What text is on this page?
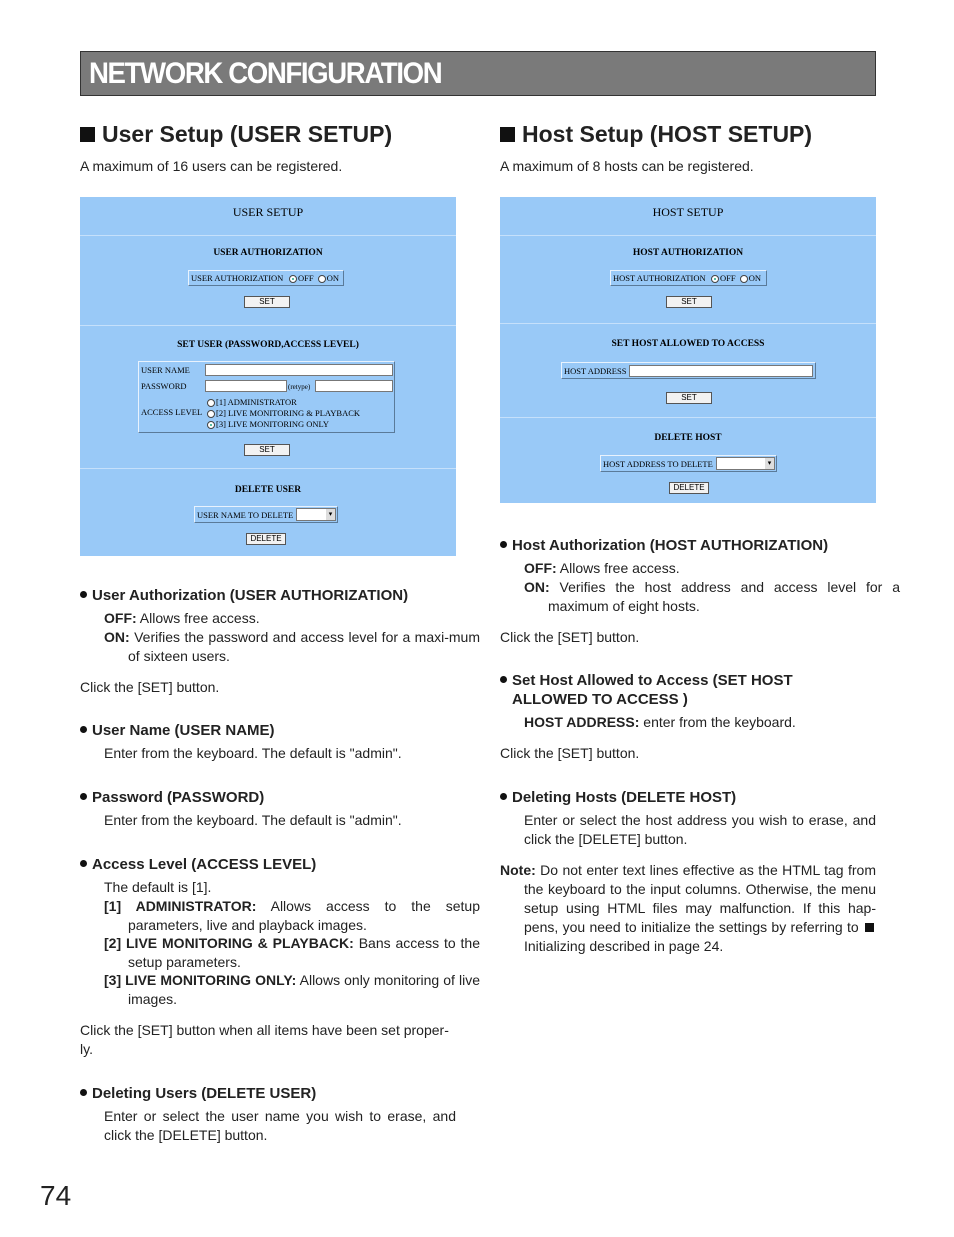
NETWORK CONFIGURATION
User Setup (USER SETUP)

A maximum of 16 users can be registered.

Host Setup (HOST SETUP)

A maximum of 8 hosts can be registered.

USER SETUP
USER AUTHORIZATION
USER AUTHORIZATION	OFF ON
SET
SET USER (PASSWORD,ACCESS LEVEL)
USER NAME
PASSWORD	(retype)
ACCESS LEVEL
[1] ADMINISTRATOR
[2] LIVE MONITORING & PLAYBACK
[3] LIVE MONITORING ONLY
SET
DELETE USER
USER NAME TO DELETE	▾
DELETE
HOST SETUP
HOST AUTHORIZATION
HOST AUTHORIZATION	OFF ON
SET
SET HOST ALLOWED TO ACCESS
HOST ADDRESS
SET
DELETE HOST
HOST ADDRESS TO DELETE	▾
DELETE
User Authorization (USER AUTHORIZATION)
OFF: Allows free access.
ON: Verifies the password and access level for a maxi-mum of sixteen users.
Click the [SET] button.
User Name (USER NAME)
Enter from the keyboard. The default is "admin".
Password (PASSWORD)
Enter from the keyboard. The default is "admin".
Access Level (ACCESS LEVEL)
The default is [1].
[1] ADMINISTRATOR: Allows access to the setup parameters, live and playback images.
[2] LIVE MONITORING & PLAYBACK: Bans access to the setup parameters.
[3] LIVE MONITORING ONLY: Allows only monitoring of live images.
Click the [SET] button when all items have been set proper-ly.
Deleting Users (DELETE USER)
Enter or select the user name you wish to erase, and click the [DELETE] button.
Host Authorization (HOST AUTHORIZATION)
OFF: Allows free access.
ON: Verifies the host address and access level for a maximum of eight hosts.
Click the [SET] button.
Set Host Allowed to Access (SET HOST
ALLOWED TO ACCESS )
HOST ADDRESS: enter from the keyboard.
Click the [SET] button.
Deleting Hosts (DELETE HOST)
Enter or select the host address you wish to erase, and click the [DELETE] button.
Note: Do not enter text lines effective as the HTML tag from the keyboard to the input columns. Otherwise, the menu setup using HTML files may malfunction. If this hap-pens, you need to initialize the settings by referring to  Initializing described in page 24.
74
